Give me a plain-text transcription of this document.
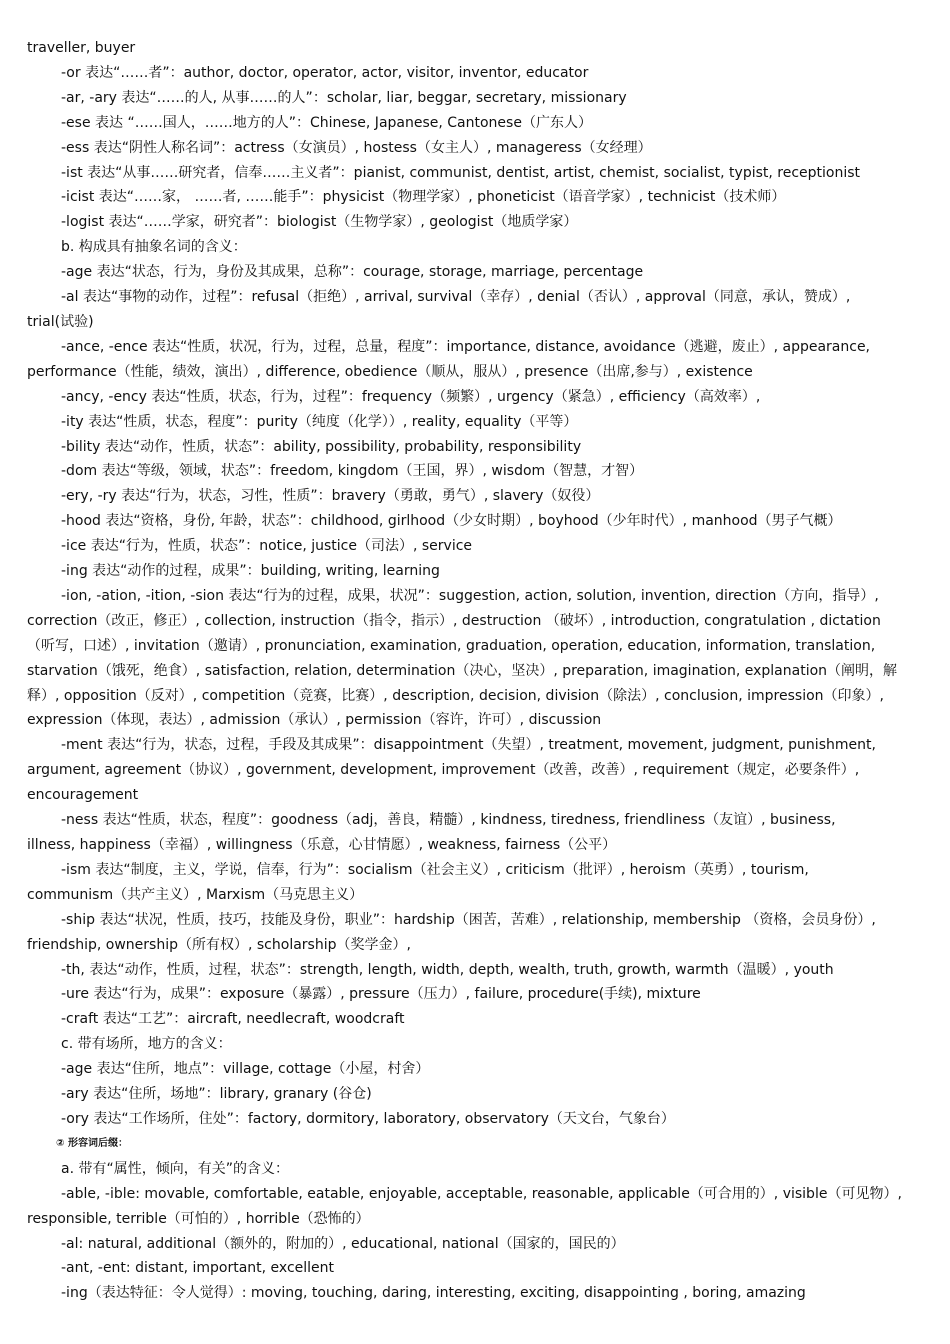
traveller, buyer
-or 表达“……者”：author, doctor, operator, actor, visitor, inventor, educator
-ar, -ary 表达“……的人, 从事……的人”：scholar, liar, beggar, secretary, missionary
-ese 表达 “……国人，……地方的人”：Chinese, Japanese, Cantonese（广东人）
-ess 表达“阴性人称名词”：actress（女演员）, hostess（女主人）, manageress（女经理）
-ist 表达“从事……研究者，信奉……主义者”：pianist, communist, dentist, artist, chemist, socialist, typist, receptionist
-icist 表达“……家， ……者, ……能手”：physicist（物理学家）, phoneticist（语音学家）, technicist（技术师）
-logist 表达“……学家，研究者”：biologist（生物学家）, geologist（地质学家）
b. 构成具有抽象名词的含义：
-age 表达“状态，行为，身份及其成果，总称”：courage, storage, marriage, percentage
-al 表达“事物的动作，过程”：refusal（拒绝）, arrival, survival（幸存）, denial（否认）, approval（同意，承认，赞成）,
trial(试验)
-ance, -ence 表达“性质，状况，行为，过程，总量，程度”：importance, distance, avoidance（逃避，废止）, appearance,
performance（性能，绩效，演出）, difference, obedience（顺从，服从）, presence（出席,参与）, existence
-ancy, -ency 表达“性质，状态，行为，过程”：frequency（频繁）, urgency（紧急）, efficiency（高效率）,
-ity 表达“性质，状态，程度”：purity（纯度（化学））, reality, equality（平等）
-bility 表达“动作，性质，状态”：ability, possibility, probability, responsibility
-dom 表达“等级，领域，状态”：freedom, kingdom（王国，界）, wisdom（智慧，才智）
-ery, -ry 表达“行为，状态，习性，性质”：bravery（勇敢，勇气）, slavery（奴役）
-hood 表达“资格，身份, 年龄，状态”：childhood, girlhood（少女时期）, boyhood（少年时代）, manhood（男子气概）
-ice 表达“行为，性质，状态”：notice, justice（司法）, service
-ing 表达“动作的过程，成果”：building, writing, learning
-ion, -ation, -ition, -sion 表达“行为的过程，成果，状况”：suggestion, action, solution, invention, direction（方向，指导）,
correction（改正，修正）, collection, instruction（指令，指示）, destruction （破坏）, introduction, congratulation , dictation
（听写，口述）, invitation（邀请）, pronunciation, examination, graduation, operation, education, information, translation,
starvation（饿死，绝食）, satisfaction, relation, determination（决心，坚决）, preparation, imagination, explanation（阐明，解
释）, opposition（反对）, competition（竞赛，比赛）, description, decision, division（除法）, conclusion, impression（印象）,
expression（体现，表达）, admission（承认）, permission（容许，许可）, discussion
-ment 表达“行为，状态，过程，手段及其成果”：disappointment（失望）, treatment, movement, judgment, punishment,
argument, agreement（协议）, government, development, improvement（改善，改善）, requirement（规定，必要条件）,
encouragement
-ness 表达“性质，状态，程度”：goodness（adj，善良，精髓）, kindness, tiredness, friendliness（友谊）, business,
illness, happiness（幸福）, willingness（乐意，心甘情愿）, weakness, fairness（公平）
-ism 表达“制度，主义，学说，信奉，行为”：socialism（社会主义）, criticism（批评）, heroism（英勇）, tourism,
communism（共产主义）, Marxism（马克思主义）
-ship 表达“状况，性质，技巧，技能及身份，职业”：hardship（困苦，苦难）, relationship, membership （资格，会员身份）,
friendship, ownership（所有权）, scholarship（奖学金）,
-th, 表达“动作，性质，过程，状态”：strength, length, width, depth, wealth, truth, growth, warmth（温暖）, youth
-ure 表达“行为，成果”：exposure（暴露）, pressure（压力）, failure, procedure(手续), mixture
-craft 表达“工艺”：aircraft, needlecraft, woodcraft
c. 带有场所，地方的含义：
-age 表达“住所，地点”：village, cottage（小屋，村舍）
-ary 表达“住所，场地”：library, granary (谷仓)
-ory 表达“工作场所，住处”：factory, dormitory, laboratory, observatory（天文台，气象台）
② 形容词后缀：
a. 带有“属性，倾向，有关”的含义：
-able, -ible: movable, comfortable, eatable, enjoyable, acceptable, reasonable, applicable（可合用的）, visible（可见物）,
responsible, terrible（可怕的）, horrible（恐怖的）
-al: natural, additional（额外的，附加的）, educational, national（国家的，国民的）
-ant, -ent: distant, important, excellent
-ing（表达特征：令人觉得）: moving, touching, daring, interesting, exciting, disappointing , boring, amazing
